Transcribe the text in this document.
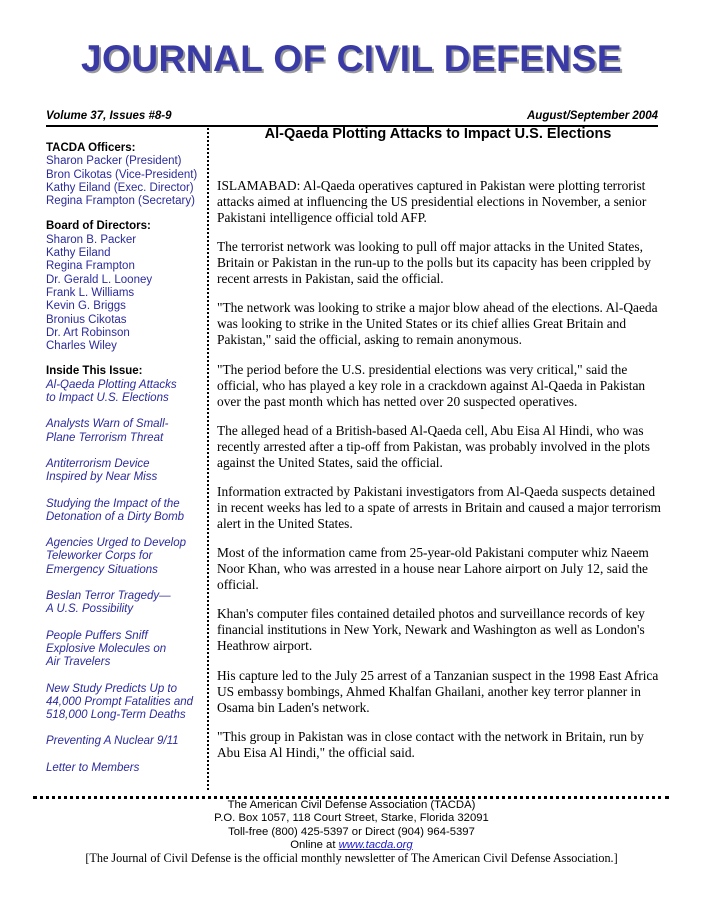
JOURNAL OF CIVIL DEFENSE
Volume 37, Issues #8-9	August/September 2004
TACDA Officers:
Sharon Packer (President)
Bron Cikotas (Vice-President)
Kathy Eiland (Exec. Director)
Regina Frampton (Secretary)
Board of Directors:
Sharon B. Packer
Kathy Eiland
Regina Frampton
Dr. Gerald L. Looney
Frank L. Williams
Kevin G. Briggs
Bronius Cikotas
Dr. Art Robinson
Charles Wiley
Inside This Issue:
Al-Qaeda Plotting Attacks
to Impact U.S. Elections
Analysts Warn of Small-
Plane Terrorism Threat
Antiterrorism Device
Inspired by Near Miss
Studying the Impact of the
Detonation of a Dirty Bomb
Agencies Urged to Develop
Teleworker Corps for
Emergency Situations
Beslan Terror Tragedy—
A U.S. Possibility
People Puffers Sniff
Explosive Molecules on
Air Travelers
New Study Predicts Up to
44,000 Prompt Fatalities and
518,000 Long-Term Deaths
Preventing A Nuclear 9/11
Letter to Members
Al-Qaeda Plotting Attacks to Impact U.S. Elections

ISLAMABAD: Al-Qaeda operatives captured in Pakistan were plotting terrorist attacks aimed at influencing the US presidential elections in November, a senior Pakistani intelligence official told AFP.

The terrorist network was looking to pull off major attacks in the United States, Britain or Pakistan in the run-up to the polls but its capacity has been crippled by recent arrests in Pakistan, said the official.

"The network was looking to strike a major blow ahead of the elections. Al-Qaeda was looking to strike in the United States or its chief allies Great Britain and Pakistan," said the official, asking to remain anonymous.

"The period before the U.S. presidential elections was very critical," said the official, who has played a key role in a crackdown against Al-Qaeda in Pakistan over the past month which has netted over 20 suspected operatives.

The alleged head of a British-based Al-Qaeda cell, Abu Eisa Al Hindi, who was recently arrested after a tip-off from Pakistan, was probably involved in the plots against the United States, said the official.

Information extracted by Pakistani investigators from Al-Qaeda suspects detained in recent weeks has led to a spate of arrests in Britain and caused a major terrorism alert in the United States.

Most of the information came from 25-year-old Pakistani computer whiz Naeem Noor Khan, who was arrested in a house near Lahore airport on July 12, said the official.

Khan's computer files contained detailed photos and surveillance records of key financial institutions in New York, Newark and Washington as well as London's Heathrow airport.

His capture led to the July 25 arrest of a Tanzanian suspect in the 1998 East Africa US embassy bombings, Ahmed Khalfan Ghailani, another key terror planner in Osama bin Laden's network.

"This group in Pakistan was in close contact with the network in Britain, run by Abu Eisa Al Hindi," the official said.

The American Civil Defense Association (TACDA)
P.O. Box 1057, 118 Court Street, Starke, Florida 32091
Toll-free (800) 425-5397 or Direct (904) 964-5397
Online at www.tacda.org
[The Journal of Civil Defense is the official monthly newsletter of The American Civil Defense Association.]
